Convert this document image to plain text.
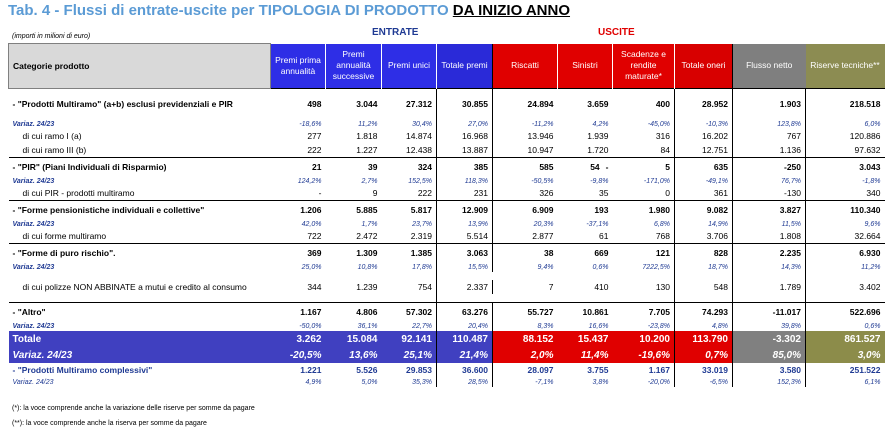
Tab. 4 - Flussi di entrate-uscite per TIPOLOGIA DI PRODOTTO DA INIZIO ANNO
ENTRATE	USCITE
(importi in milioni di euro)
Categorie prodotto	Premi prima annualità	Premi annualità successive	Premi unici	Totale premi	Riscatti	Sinistri	Scadenze e rendite maturate*	Totale oneri	Flusso netto	Riserve tecniche**
- "Prodotti Multiramo" (a+b) esclusi previdenziali e PIR	498	3.044	27.312	30.855	24.894	3.659	400	28.952	1.903	218.518
Variaz. 24/23	-18,6%	11,2%	30,4%	27,0%	-11,2%	4,2%	-45,0%	-10,3%	123,8%	6,0%
di cui ramo I (a)	277	1.818	14.874	16.968	13.946	1.939	316	16.202	767	120.886
di cui ramo III (b)	222	1.227	12.438	13.887	10.947	1.720	84	12.751	1.136	97.632
- "PIR" (Piani Individuali di Risparmio)	21	39	324	385	585	54 -	5	635	-250	3.043
Variaz. 24/23	124,2%	2,7%	152,5%	118,3%	-50,5%	-9,8%	-171,0%	-49,1%	76,7%	-1,8%
di cui PIR - prodotti multiramo	-	9	222	231	326	35	0	361	-130	340
- "Forme pensionistiche individuali e collettive"	1.206	5.885	5.817	12.909	6.909	193	1.980	9.082	3.827	110.340
Variaz. 24/23	42,0%	1,7%	23,7%	13,9%	20,3%	-37,1%	6,8%	14,9%	11,5%	9,6%
di cui forme multiramo	722	2.472	2.319	5.514	2.877	61	768	3.706	1.808	32.664
- "Forme di puro rischio".	369	1.309	1.385	3.063	38	669	121	828	2.235	6.930
Variaz. 24/23	25,0%	10,8%	17,8%	15,5%	9,4%	0,6%	7222,5%	18,7%	14,3%	11,2%

di cui polizze NON ABBINATE a mutui e credito al consumo	344	1.239	754	2.337	7	410	130	548	1.789	3.402

- "Altro"	1.167	4.806	57.302	63.276	55.727	10.861	7.705	74.293	-11.017	522.696
Variaz. 24/23	-50,0%	36,1%	22,7%	20,4%	8,3%	16,6%	-23,8%	4,8%	39,8%	0,6%
Totale	3.262	15.084	92.141	110.487	88.152	15.437	10.200	113.790	-3.302	861.527
Variaz. 24/23	-20,5%	13,6%	25,1%	21,4%	2,0%	11,4%	-19,6%	0,7%	85,0%	3,0%
- "Prodotti Multiramo complessivi"	1.221	5.526	29.853	36.600	28.097	3.755	1.167	33.019	3.580	251.522
Variaz. 24/23	4,9%	5,0%	35,3%	28,5%	-7,1%	3,8%	-20,0%	-6,5%	152,3%	6,1%
(*): la voce comprende anche la variazione delle riserve per somme da pagare
(**): la voce comprende anche la riserva per somme da pagare
